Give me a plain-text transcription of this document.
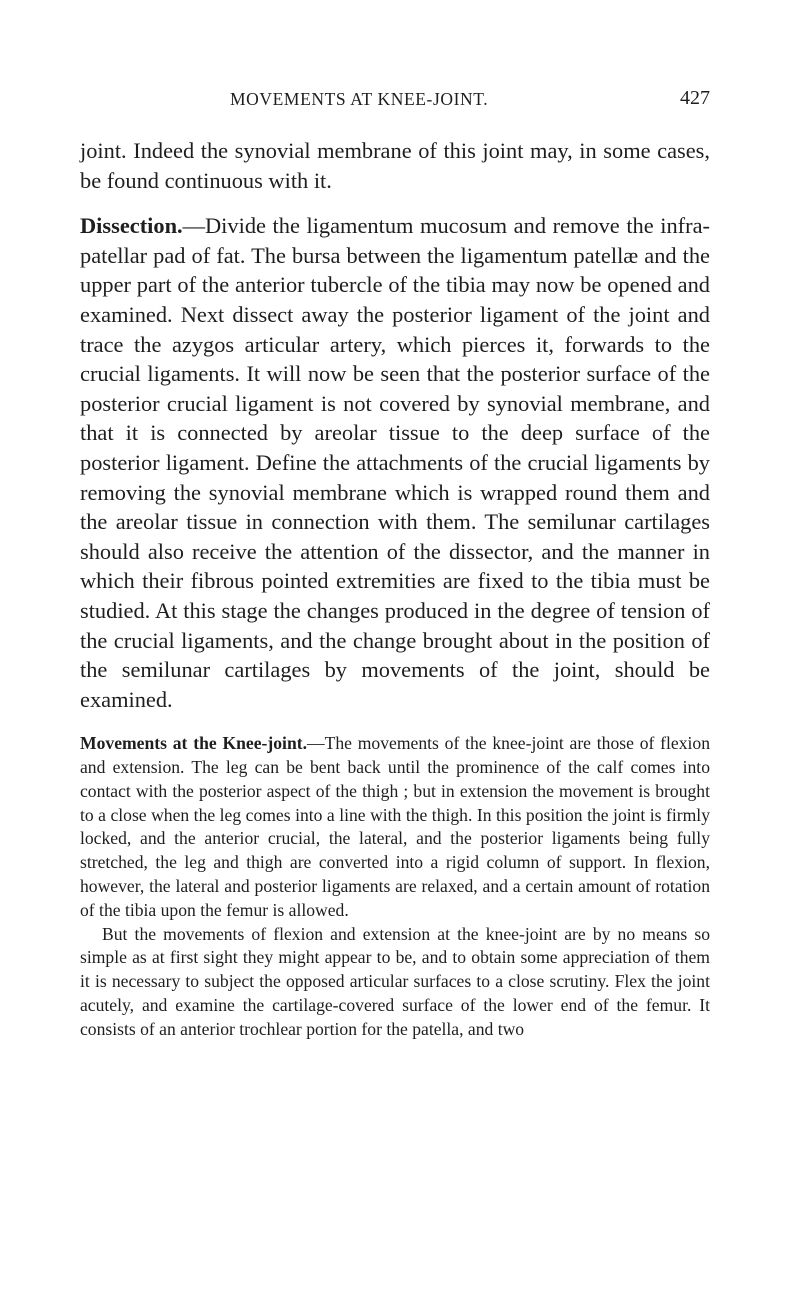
MOVEMENTS AT KNEE-JOINT.	427

joint. Indeed the synovial membrane of this joint may, in some cases, be found continuous with it.

Dissection.—Divide the ligamentum mucosum and remove the infra-patellar pad of fat. The bursa between the ligamentum patellæ and the upper part of the anterior tubercle of the tibia may now be opened and examined. Next dissect away the posterior ligament of the joint and trace the azygos articular artery, which pierces it, forwards to the crucial ligaments. It will now be seen that the posterior surface of the posterior crucial ligament is not covered by synovial membrane, and that it is connected by areolar tissue to the deep surface of the posterior ligament. Define the attachments of the crucial ligaments by removing the synovial membrane which is wrapped round them and the areolar tissue in connection with them. The semilunar cartilages should also receive the attention of the dissector, and the manner in which their fibrous pointed extremities are fixed to the tibia must be studied. At this stage the changes produced in the degree of tension of the crucial ligaments, and the change brought about in the position of the semilunar cartilages by movements of the joint, should be examined.

Movements at the Knee-joint.—The movements of the knee-joint are those of flexion and extension. The leg can be bent back until the prominence of the calf comes into contact with the posterior aspect of the thigh ; but in extension the movement is brought to a close when the leg comes into a line with the thigh. In this position the joint is firmly locked, and the anterior crucial, the lateral, and the posterior ligaments being fully stretched, the leg and thigh are converted into a rigid column of support. In flexion, however, the lateral and posterior ligaments are relaxed, and a certain amount of rotation of the tibia upon the femur is allowed.

But the movements of flexion and extension at the knee-joint are by no means so simple as at first sight they might appear to be, and to obtain some appreciation of them it is necessary to subject the opposed articular surfaces to a close scrutiny. Flex the joint acutely, and examine the cartilage-covered surface of the lower end of the femur. It consists of an anterior trochlear portion for the patella, and two
